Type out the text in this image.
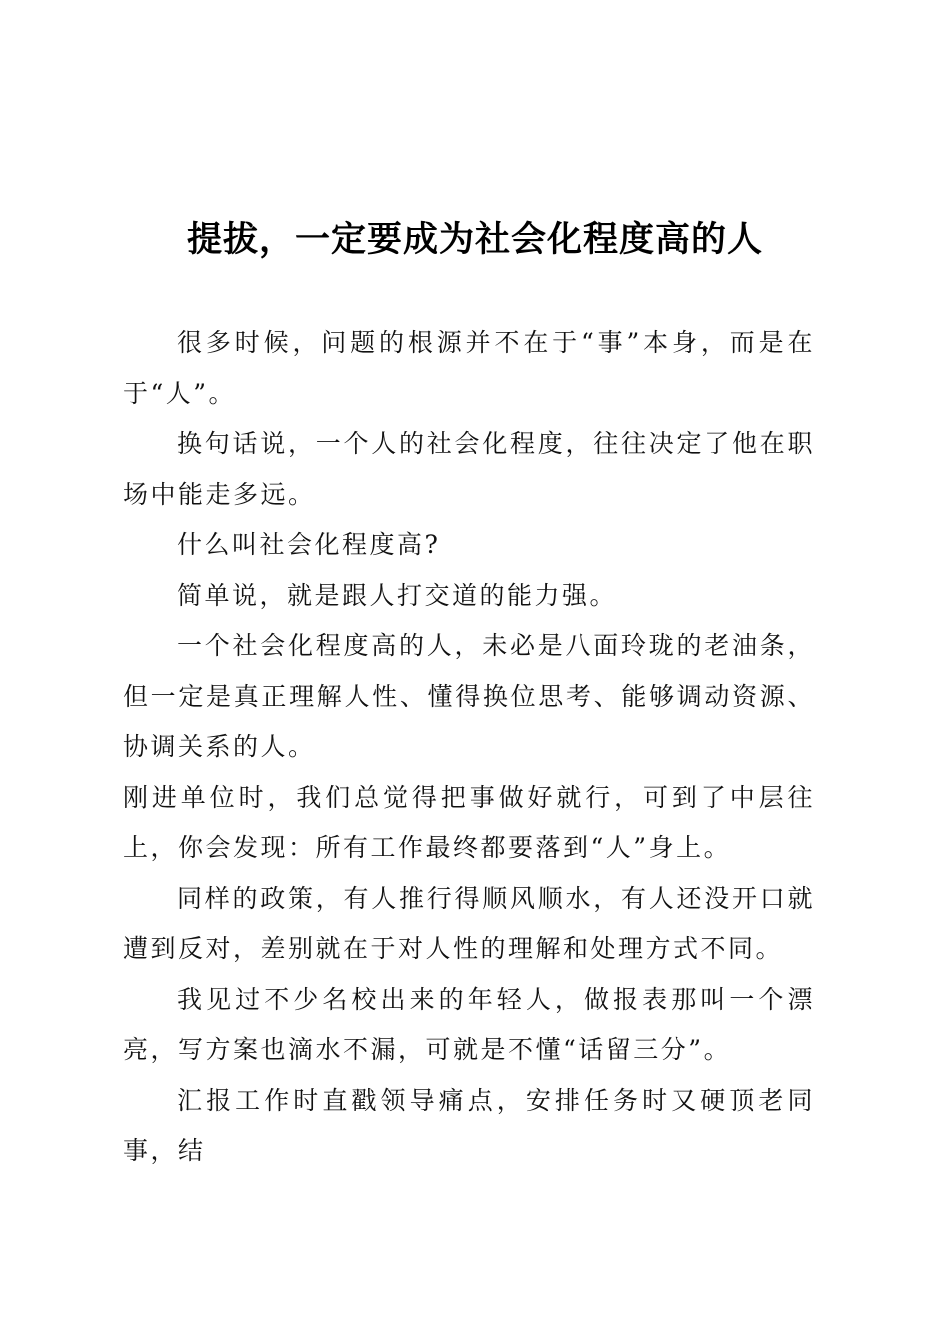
提拔，一定要成为社会化程度高的人

很多时候，问题的根源并不在于“事”本身，而是在于“人”。

换句话说，一个人的社会化程度，往往决定了他在职场中能走多远。

什么叫社会化程度高?

简单说，就是跟人打交道的能力强。

一个社会化程度高的人，未必是八面玲珑的老油条，但一定是真正理解人性、懂得换位思考、能够调动资源、协调关系的人。

刚进单位时，我们总觉得把事做好就行，可到了中层往上，你会发现：所有工作最终都要落到“人”身上。

同样的政策，有人推行得顺风顺水，有人还没开口就遭到反对，差别就在于对人性的理解和处理方式不同。

我见过不少名校出来的年轻人，做报表那叫一个漂亮，写方案也滴水不漏，可就是不懂“话留三分”。

汇报工作时直戳领导痛点，安排任务时又硬顶老同事，结
